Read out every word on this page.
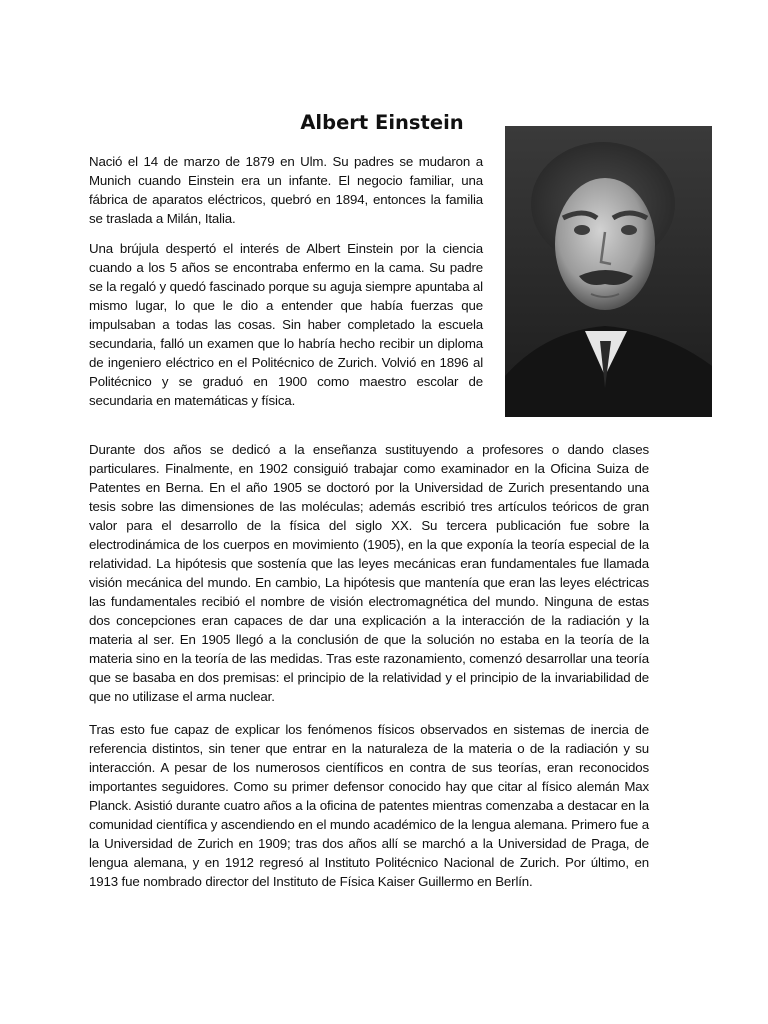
Albert Einstein

Nació el 14 de marzo de 1879 en Ulm. Su padres se mudaron a Munich cuando Einstein era un infante. El negocio familiar, una fábrica de aparatos eléctricos, quebró en 1894, entonces la familia se traslada a Milán, Italia.

Una brújula despertó el interés de Albert Einstein por la ciencia cuando a los 5 años se encontraba enfermo en la cama. Su padre se la regaló y quedó fascinado porque su aguja siempre apuntaba al mismo lugar, lo que le dio a entender que había fuerzas que impulsaban a todas las cosas. Sin haber completado la escuela secundaria, falló un examen que lo habría hecho recibir un diploma de ingeniero eléctrico en el Politécnico de Zurich. Volvió en 1896 al Politécnico y se graduó en 1900 como maestro escolar de secundaria en matemáticas y física.

Durante dos años se dedicó a la enseñanza sustituyendo a profesores o dando clases particulares. Finalmente, en 1902 consiguió trabajar como examinador en la Oficina Suiza de Patentes en Berna. En el año 1905 se doctoró por la Universidad de Zurich presentando una tesis sobre las dimensiones de las moléculas; además escribió tres artículos teóricos de gran valor para el desarrollo de la física del siglo XX. Su tercera publicación fue sobre la electrodinámica de los cuerpos en movimiento (1905), en la que exponía la teoría especial de la relatividad. La hipótesis que sostenía que las leyes mecánicas eran fundamentales fue llamada visión mecánica del mundo. En cambio, La hipótesis que mantenía que eran las leyes eléctricas las fundamentales recibió el nombre de visión electromagnética del mundo. Ninguna de estas dos concepciones eran capaces de dar una explicación a la interacción de la radiación y la materia al ser. En 1905 llegó a la conclusión de que la solución no estaba en la teoría de la materia sino en la teoría de las medidas. Tras este razonamiento, comenzó desarrollar una teoría que se basaba en dos premisas: el principio de la relatividad y el principio de la invariabilidad de que no utilizase el arma nuclear.

Tras esto fue capaz de explicar los fenómenos físicos observados en sistemas de inercia de referencia distintos, sin tener que entrar en la naturaleza de la materia o de la radiación y su interacción. A pesar de los numerosos científicos en contra de sus teorías, eran reconocidos importantes seguidores. Como su primer defensor conocido hay que citar al físico alemán Max Planck. Asistió durante cuatro años a la oficina de patentes mientras comenzaba a destacar en la comunidad científica y ascendiendo en el mundo académico de la lengua alemana. Primero fue a la Universidad de Zurich en 1909; tras dos años allí se marchó a la Universidad de Praga, de lengua alemana, y en 1912 regresó al Instituto Politécnico Nacional de Zurich. Por último, en 1913 fue nombrado director del Instituto de Física Kaiser Guillermo en Berlín.
